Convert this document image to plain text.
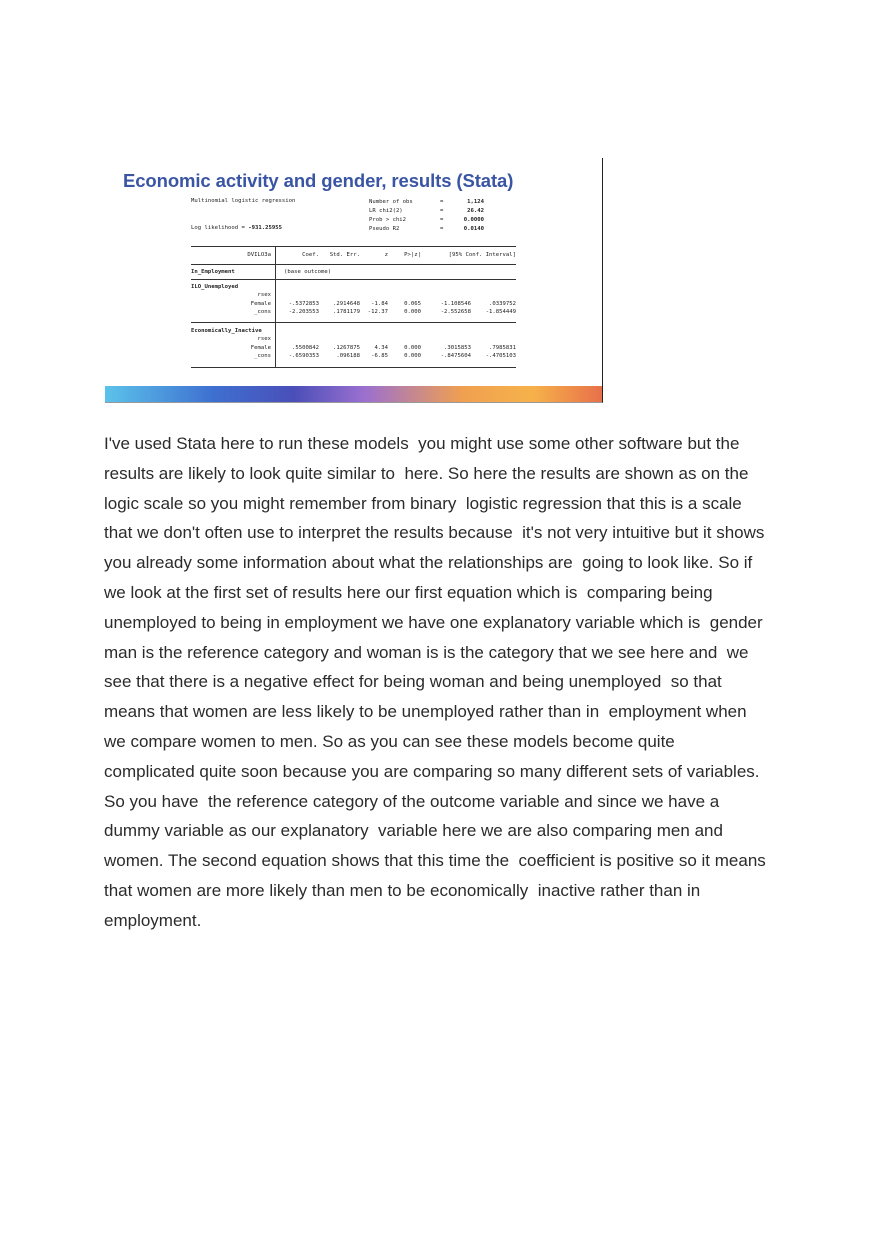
Economic activity and gender, results (Stata)
Multinomial logistic regression
Log likelihood = -931.25955
Number of obs	=	1,124
LR chi2(2)	=	26.42
Prob > chi2	=	0.0000
Pseudo R2	=	0.0140
DVILO3a	Coef. Std. Err.	z	P>|z|	[95% Conf. Interval]
In_Employment	(base outcome)
ILO_Unemployed
rsex
Female	-.5372853	.2914648 -1.84	0.065	-1.108546	.0339752
_cons	-2.203553	.1781179 -12.37	0.000	-2.552658	-1.854449
Economically_Inactive
rsex
Female	.5500842	.1267875	4.34	0.000	.3015853	.7985831
_cons	-.6590353	.096188 -6.85	0.000	-.8475604	-.4705103

I've used Stata here to run these models  you might use some other software but the
results are likely to look quite similar to  here. So here the results are shown as on the
logic scale so you might remember from binary  logistic regression that this is a scale
that we don't often use to interpret the results because  it's not very intuitive but it shows
you already some information about what the relationships are  going to look like. So if
we look at the first set of results here our first equation which is  comparing being
unemployed to being in employment we have one explanatory variable which is  gender
man is the reference category and woman is is the category that we see here and  we
see that there is a negative effect for being woman and being unemployed  so that
means that women are less likely to be unemployed rather than in  employment when
we compare women to men. So as you can see these models become quite
complicated quite soon because you are comparing so many different sets of variables.
So you have  the reference category of the outcome variable and since we have a
dummy variable as our explanatory  variable here we are also comparing men and
women. The second equation shows that this time the  coefficient is positive so it means
that women are more likely than men to be economically  inactive rather than in
employment.
